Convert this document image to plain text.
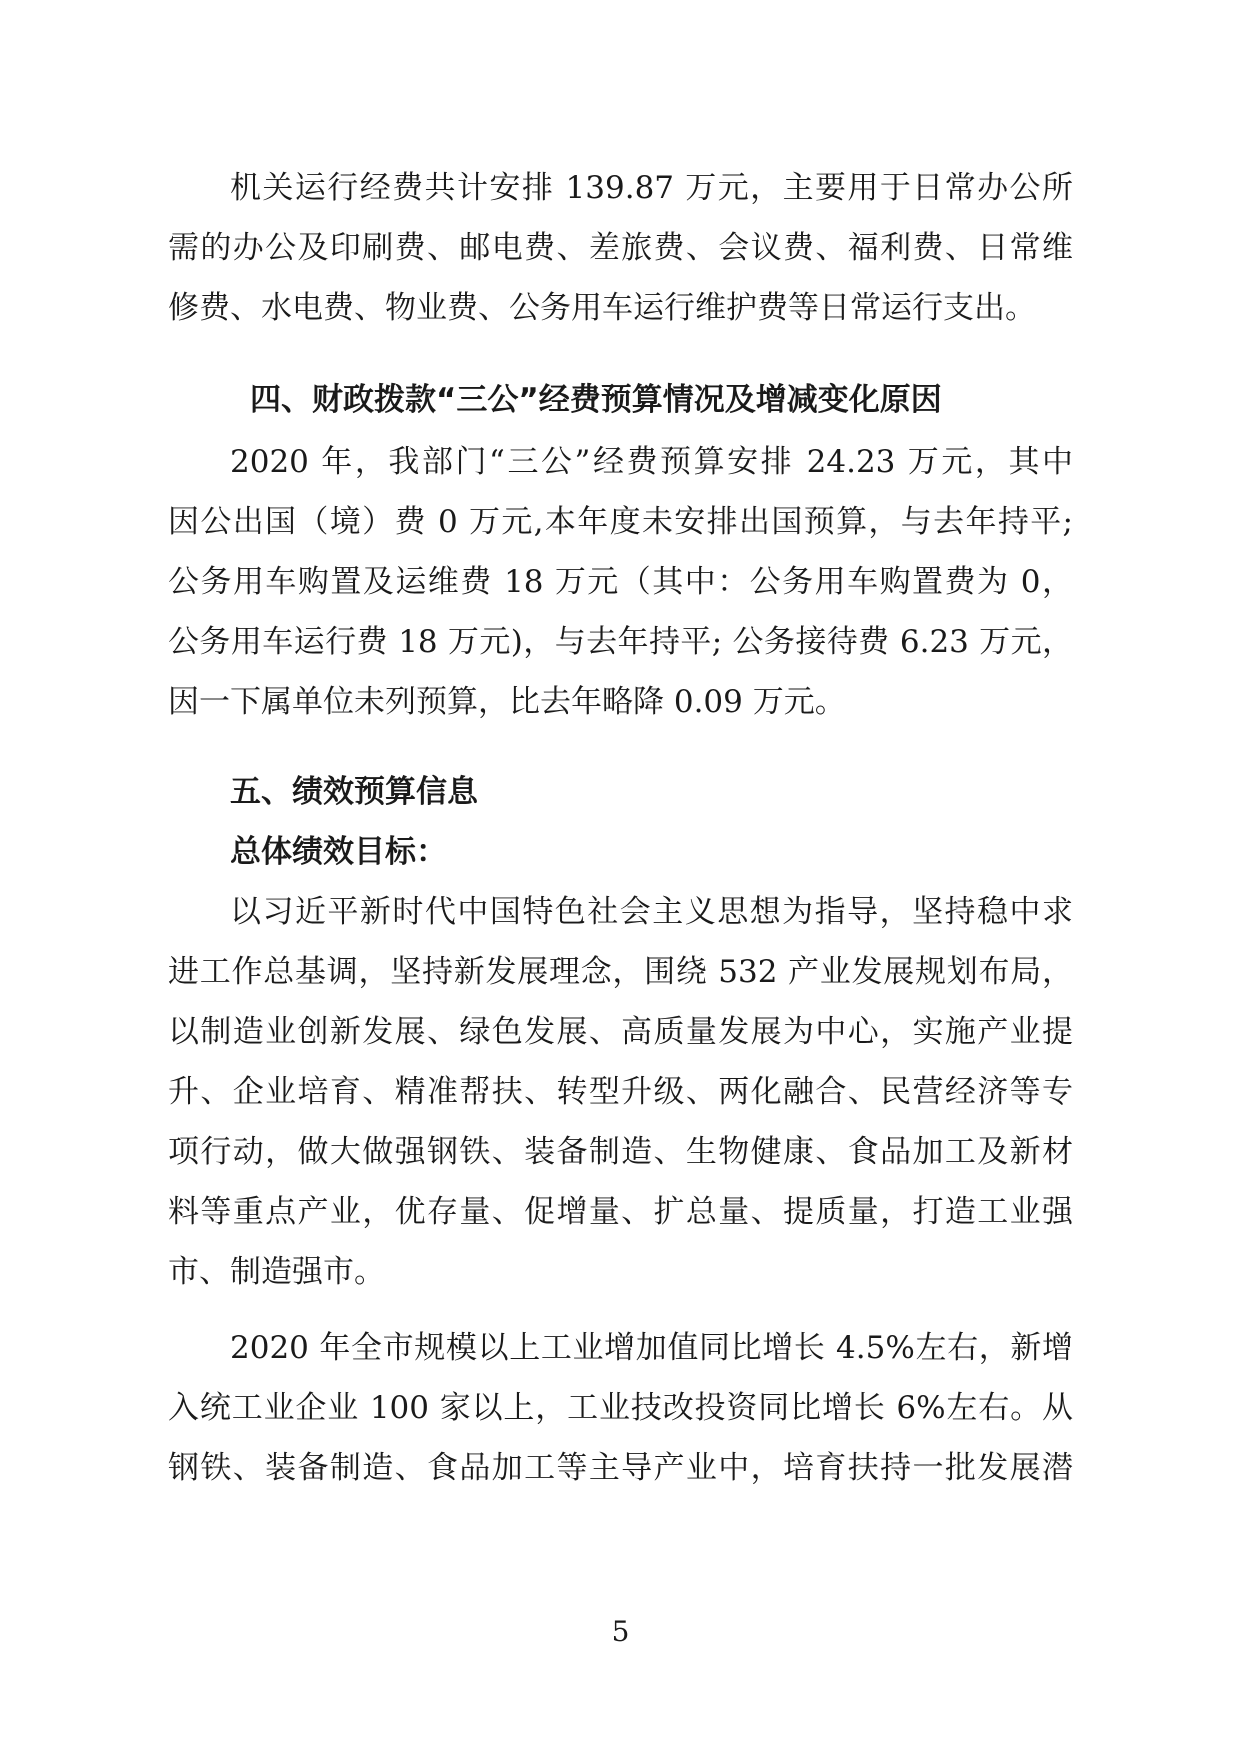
机关运行经费共计安排 139.87 万元，主要用于日常办公所
需的办公及印刷费、邮电费、差旅费、会议费、福利费、日常维
修费、水电费、物业费、公务用车运行维护费等日常运行支出。
四、财政拨款“三公”经费预算情况及增减变化原因
2020 年，我部门“三公”经费预算安排 24.23 万元，其中
因公出国（境）费 0 万元,本年度未安排出国预算，与去年持平;
公务用车购置及运维费 18 万元（其中：公务用车购置费为 0，
公务用车运行费 18 万元)，与去年持平; 公务接待费 6.23 万元，
因一下属单位未列预算，比去年略降 0.09 万元。
五、绩效预算信息
总体绩效目标：
以习近平新时代中国特色社会主义思想为指导，坚持稳中求
进工作总基调，坚持新发展理念，围绕 532 产业发展规划布局，
以制造业创新发展、绿色发展、高质量发展为中心，实施产业提
升、企业培育、精准帮扶、转型升级、两化融合、民营经济等专
项行动，做大做强钢铁、装备制造、生物健康、食品加工及新材
料等重点产业，优存量、促增量、扩总量、提质量，打造工业强
市、制造强市。
2020 年全市规模以上工业增加值同比增长 4.5%左右，新增
入统工业企业 100 家以上，工业技改投资同比增长 6%左右。从
钢铁、装备制造、食品加工等主导产业中，培育扶持一批发展潜
5
